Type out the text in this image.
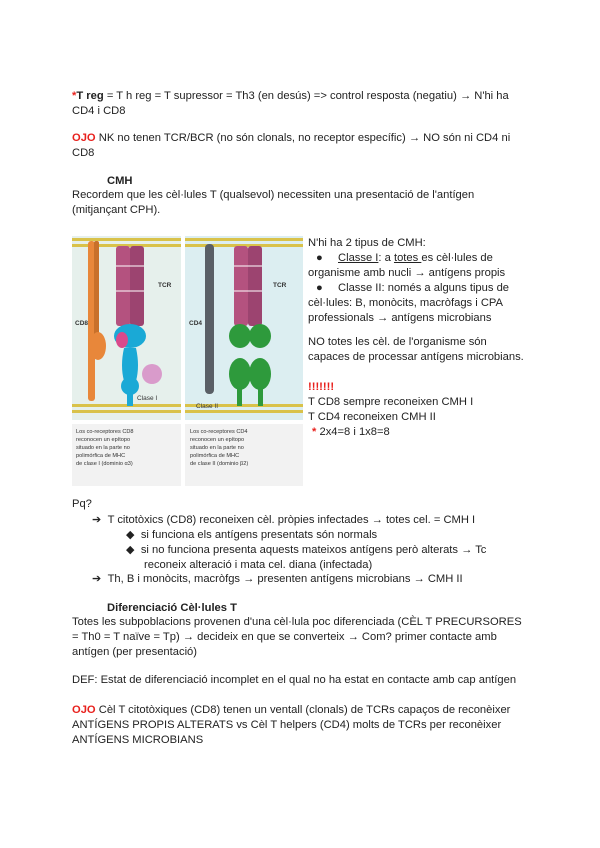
*T reg = T h reg = T supressor = Th3 (en desús) => control resposta (negatiu) → N'hi ha
CD4 i CD8
OJO NK no tenen TCR/BCR (no són clonals, no receptor específic) → NO són ni CD4 ni
CD8
CMH
Recordem que les cèl·lules T (qualsevol) necessiten una presentació de l'antígen
(mitjançant CPH).
TCR
CD8
Clase I
TCR
CD4
Clase II
Los co-receptores CD8
reconocen un epítopo
situado en la parte no
polimórfica de MHC
de clase I (dominio α3)
Los co-receptores CD4
reconocen un epítopo
situado en la parte no
polimórfica de MHC
de clase II (dominio β2)
N'hi ha 2 tipus de CMH:
● Classe I: a totes es cèl·lules de
organisme amb nucli → antígens propis
● Classe II: només a alguns tipus de
cèl·lules: B, monòcits, macròfags i CPA
professionals → antígens microbians
NO totes les cèl. de l'organisme són
capaces de processar antígens microbians.
!!!!!!!
T CD8 sempre reconeixen CMH I
T CD4 reconeixen CMH II
* 2x4=8 i 1x8=8
Pq?
➔ T citotòxics (CD8) reconeixen cèl. pròpies infectades → totes cel. = CMH I
◆ si funciona els antígens presentats són normals
◆ si no funciona presenta aquests mateixos antígens però alterats → Tc
reconeix alteració i mata cel. diana (infectada)
➔ Th, B i monòcits, macròfgs → presenten antígens microbians → CMH II
Diferenciació Cèl·lules T
Totes les subpoblacions provenen d'una cèl·lula poc diferenciada (CÈL T PRECURSORES
= Th0 = T naïve = Tp) → decideix en que se converteix → Com? primer contacte amb
antígen (per presentació)
DEF: Estat de diferenciació incomplet en el qual no ha estat en contacte amb cap antígen
OJO Cèl T citotòxiques (CD8) tenen un ventall (clonals) de TCRs capaços de reconèixer
ANTÍGENS PROPIS ALTERATS vs Cèl T helpers (CD4) molts de TCRs per reconèixer
ANTÍGENS MICROBIANS
